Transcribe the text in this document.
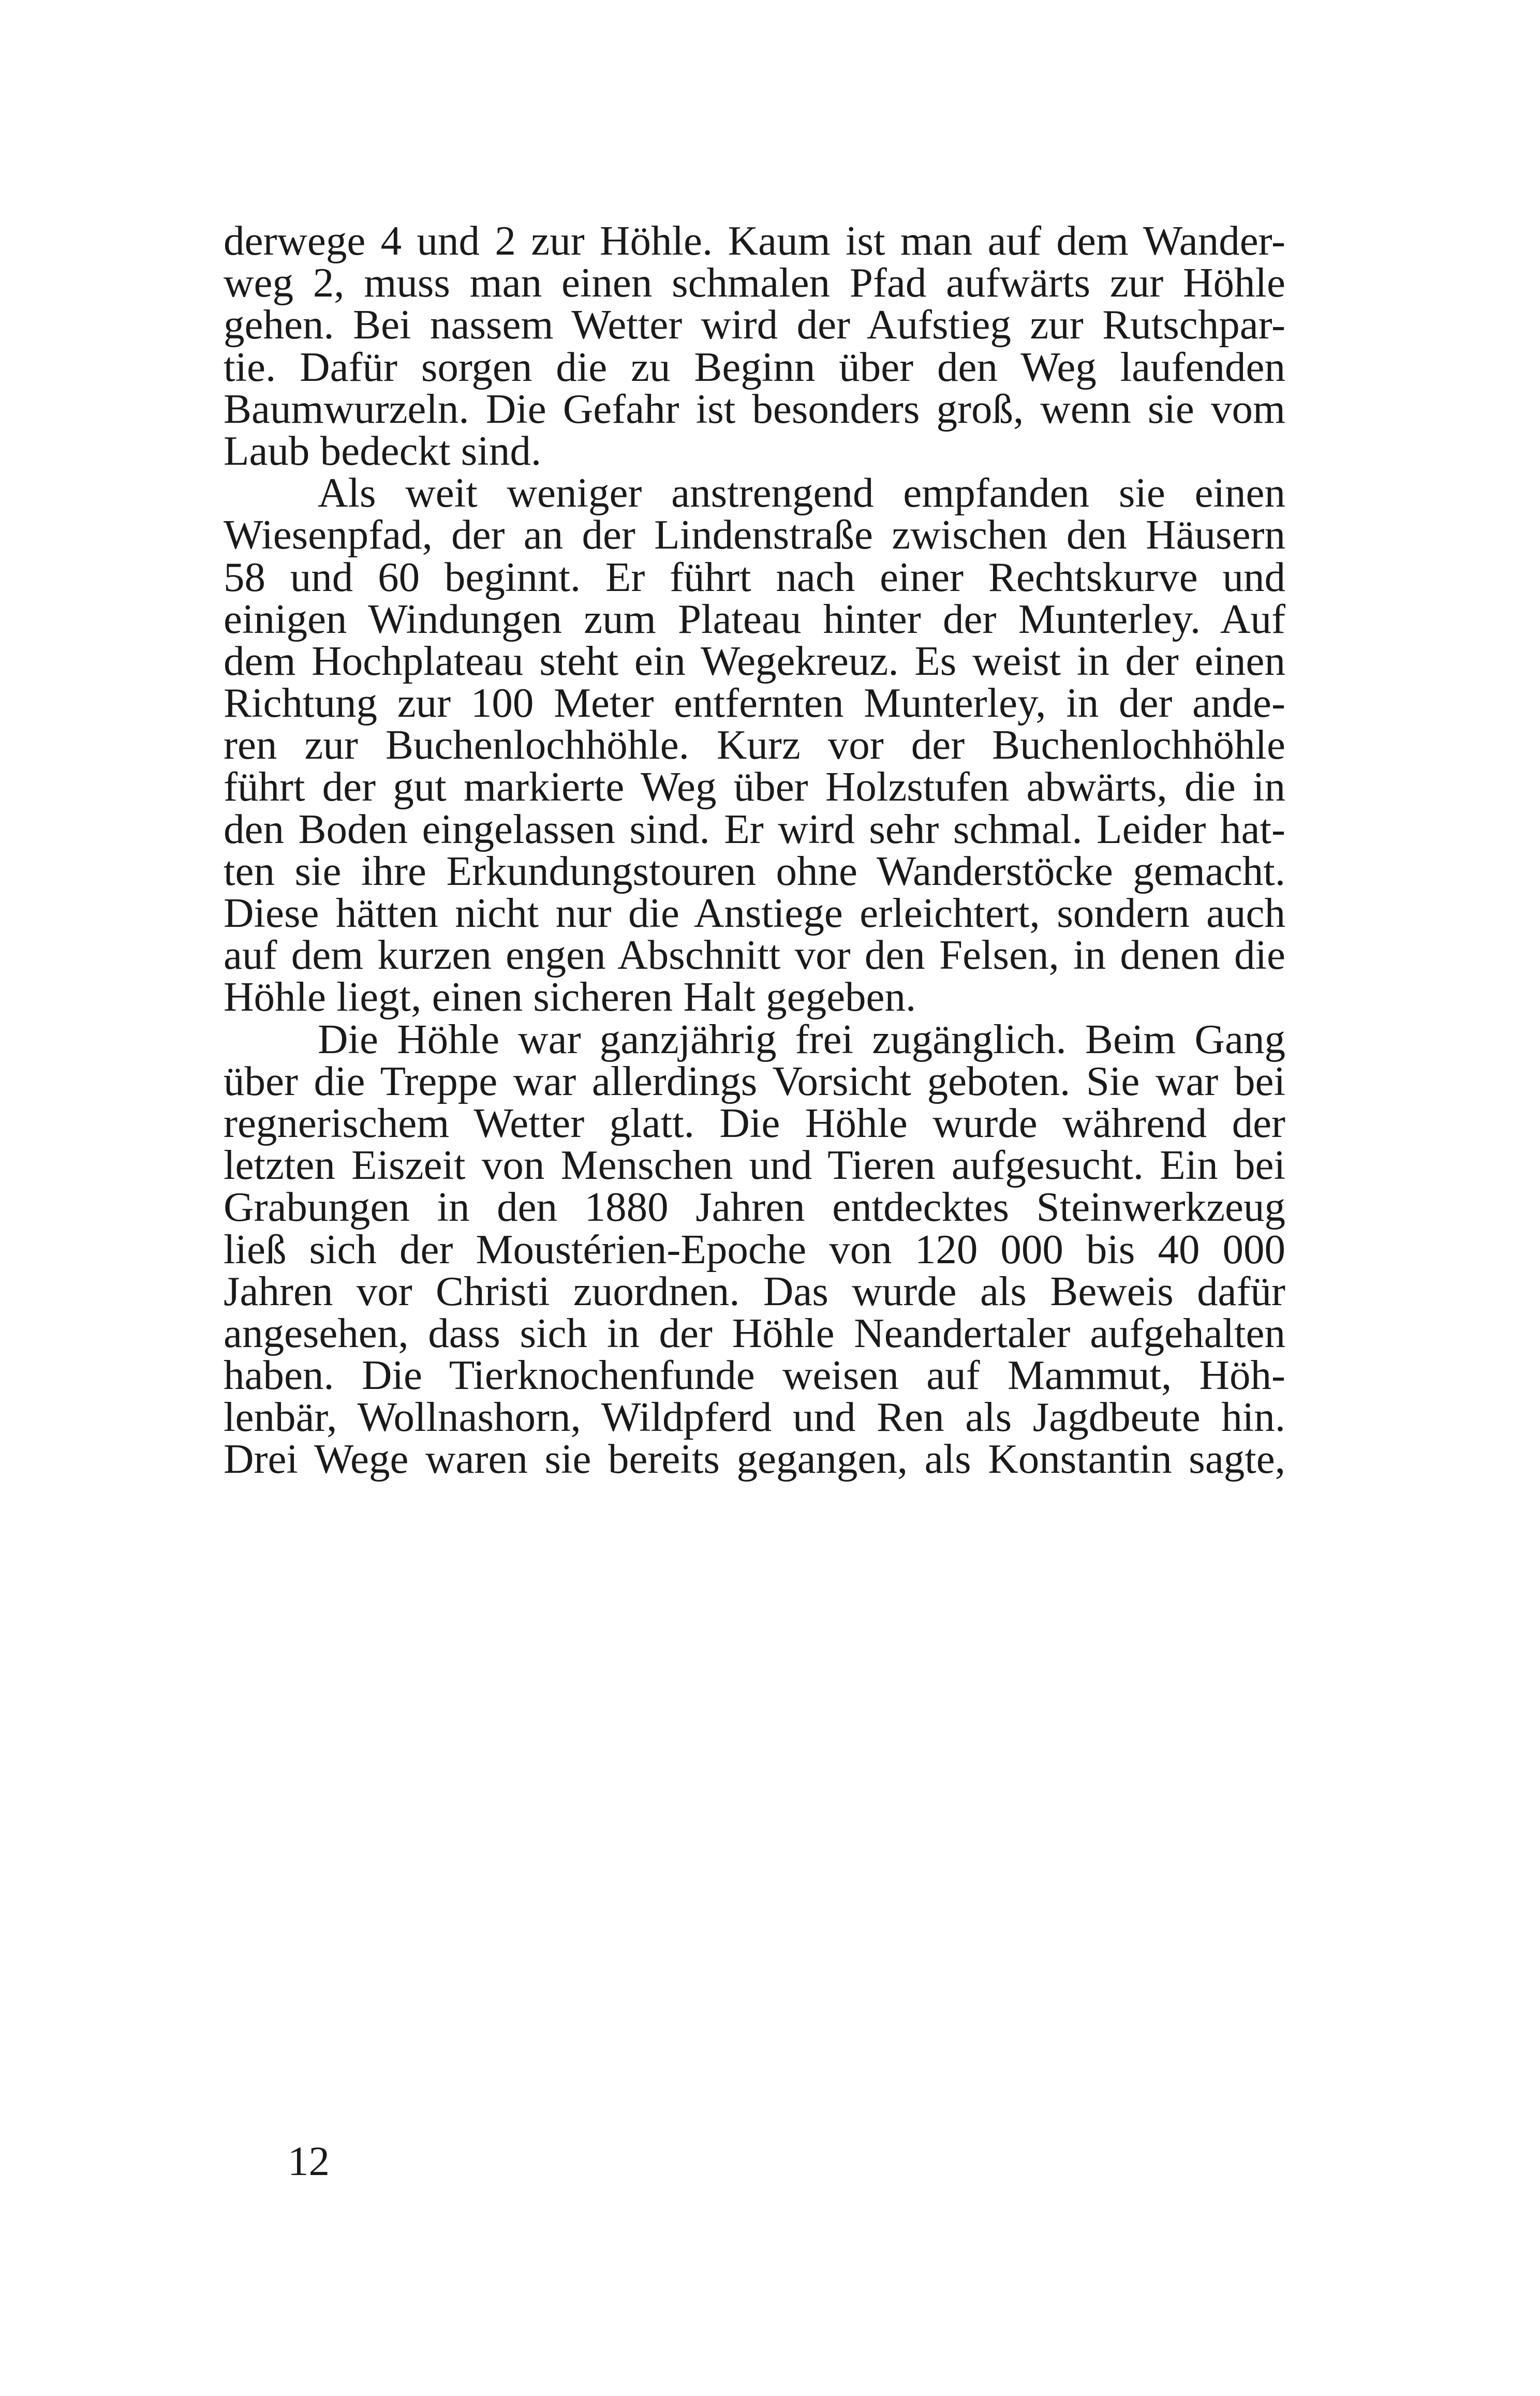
derwege 4 und 2 zur Höhle. Kaum ist man auf dem Wander-
weg 2, muss man einen schmalen Pfad aufwärts zur Höhle
gehen. Bei nassem Wetter wird der Aufstieg zur Rutschpar-
tie. Dafür sorgen die zu Beginn über den Weg laufenden
Baumwurzeln. Die Gefahr ist besonders groß, wenn sie vom
Laub bedeckt sind.
Als weit weniger anstrengend empfanden sie einen
Wiesenpfad, der an der Lindenstraße zwischen den Häusern
58 und 60 beginnt. Er führt nach einer Rechtskurve und
einigen Windungen zum Plateau hinter der Munterley. Auf
dem Hochplateau steht ein Wegekreuz. Es weist in der einen
Richtung zur 100 Meter entfernten Munterley, in der ande-
ren zur Buchenlochhöhle. Kurz vor der Buchenlochhöhle
führt der gut markierte Weg über Holzstufen abwärts, die in
den Boden eingelassen sind. Er wird sehr schmal. Leider hat-
ten sie ihre Erkundungstouren ohne Wanderstöcke gemacht.
Diese hätten nicht nur die Anstiege erleichtert, sondern auch
auf dem kurzen engen Abschnitt vor den Felsen, in denen die
Höhle liegt, einen sicheren Halt gegeben.
Die Höhle war ganzjährig frei zugänglich. Beim Gang
über die Treppe war allerdings Vorsicht geboten. Sie war bei
regnerischem Wetter glatt. Die Höhle wurde während der
letzten Eiszeit von Menschen und Tieren aufgesucht. Ein bei
Grabungen in den 1880 Jahren entdecktes Steinwerkzeug
ließ sich der Moustérien-Epoche von 120 000 bis 40 000
Jahren vor Christi zuordnen. Das wurde als Beweis dafür
angesehen, dass sich in der Höhle Neandertaler aufgehalten
haben. Die Tierknochenfunde weisen auf Mammut, Höh-
lenbär, Wollnashorn, Wildpferd und Ren als Jagdbeute hin.
Drei Wege waren sie bereits gegangen, als Konstantin sagte,
12
